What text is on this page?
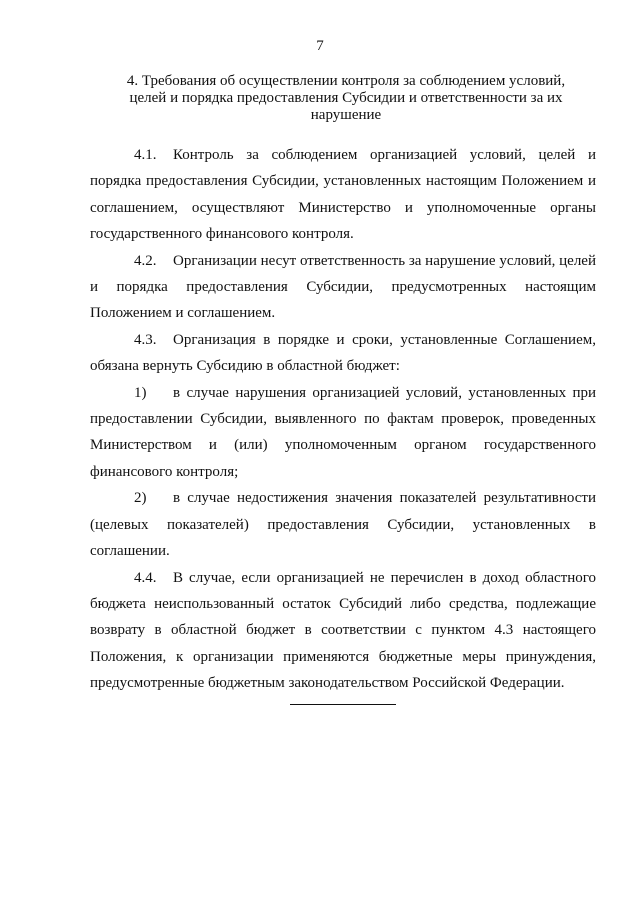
7
4. Требования об осуществлении контроля за соблюдением условий,
целей и порядка предоставления Субсидии и ответственности за их
нарушение

4.1. Контроль за соблюдением организацией условий, целей и порядка предоставления Субсидии, установленных настоящим Положением и соглашением, осуществляют Министерство и уполномоченные органы государственного финансового контроля.

4.2. Организации несут ответственность за нарушение условий, целей и порядка предоставления Субсидии, предусмотренных настоящим Положением и соглашением.

4.3. Организация в порядке и сроки, установленные Соглашением, обязана вернуть Субсидию в областной бюджет:

1) в случае нарушения организацией условий, установленных при предоставлении Субсидии, выявленного по фактам проверок, проведенных Министерством и (или) уполномоченным органом государственного финансового контроля;

2) в случае недостижения значения показателей результативности (целевых показателей) предоставления Субсидии, установленных в соглашении.

4.4. В случае, если организацией не перечислен в доход областного бюджета неиспользованный остаток Субсидий либо средства, подлежащие возврату в областной бюджет в соответствии с пунктом 4.3 настоящего Положения, к организации применяются бюджетные меры принуждения, предусмотренные бюджетным законодательством Российской Федерации.
